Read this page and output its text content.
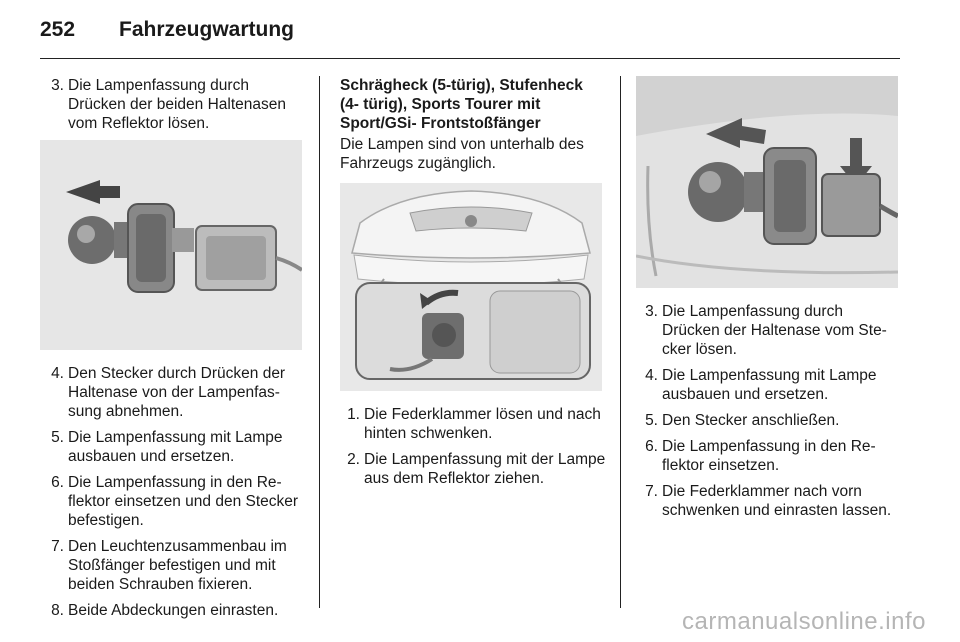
252 Fahrzeugwartung
3. Die Lampenfassung durch Drücken der beiden Haltenasen vom Reflektor lösen.
4. Den Stecker durch Drücken der Haltenase von der Lampenfas- sung abnehmen.
5. Die Lampenfassung mit Lampe ausbauen und ersetzen.
6. Die Lampenfassung in den Re- flektor einsetzen und den Stecker befestigen.
7. Den Leuchtenzusammenbau im Stoßfänger befestigen und mit beiden Schrauben fixieren.
8. Beide Abdeckungen einrasten.

Schrägheck (5-türig), Stufenheck (4- türig), Sports Tourer mit Sport/GSi- Frontstoßfänger

Die Lampen sind von unterhalb des Fahrzeugs zugänglich.

1. Die Federklammer lösen und nach hinten schwenken.
2. Die Lampenfassung mit der Lampe aus dem Reflektor ziehen.
3. Die Lampenfassung durch Drücken der Haltenase vom Ste- cker lösen.
4. Die Lampenfassung mit Lampe ausbauen und ersetzen.
5. Den Stecker anschließen.
6. Die Lampenfassung in den Re- flektor einsetzen.
7. Die Federklammer nach vorn schwenken und einrasten lassen.
carmanualsonline.info
